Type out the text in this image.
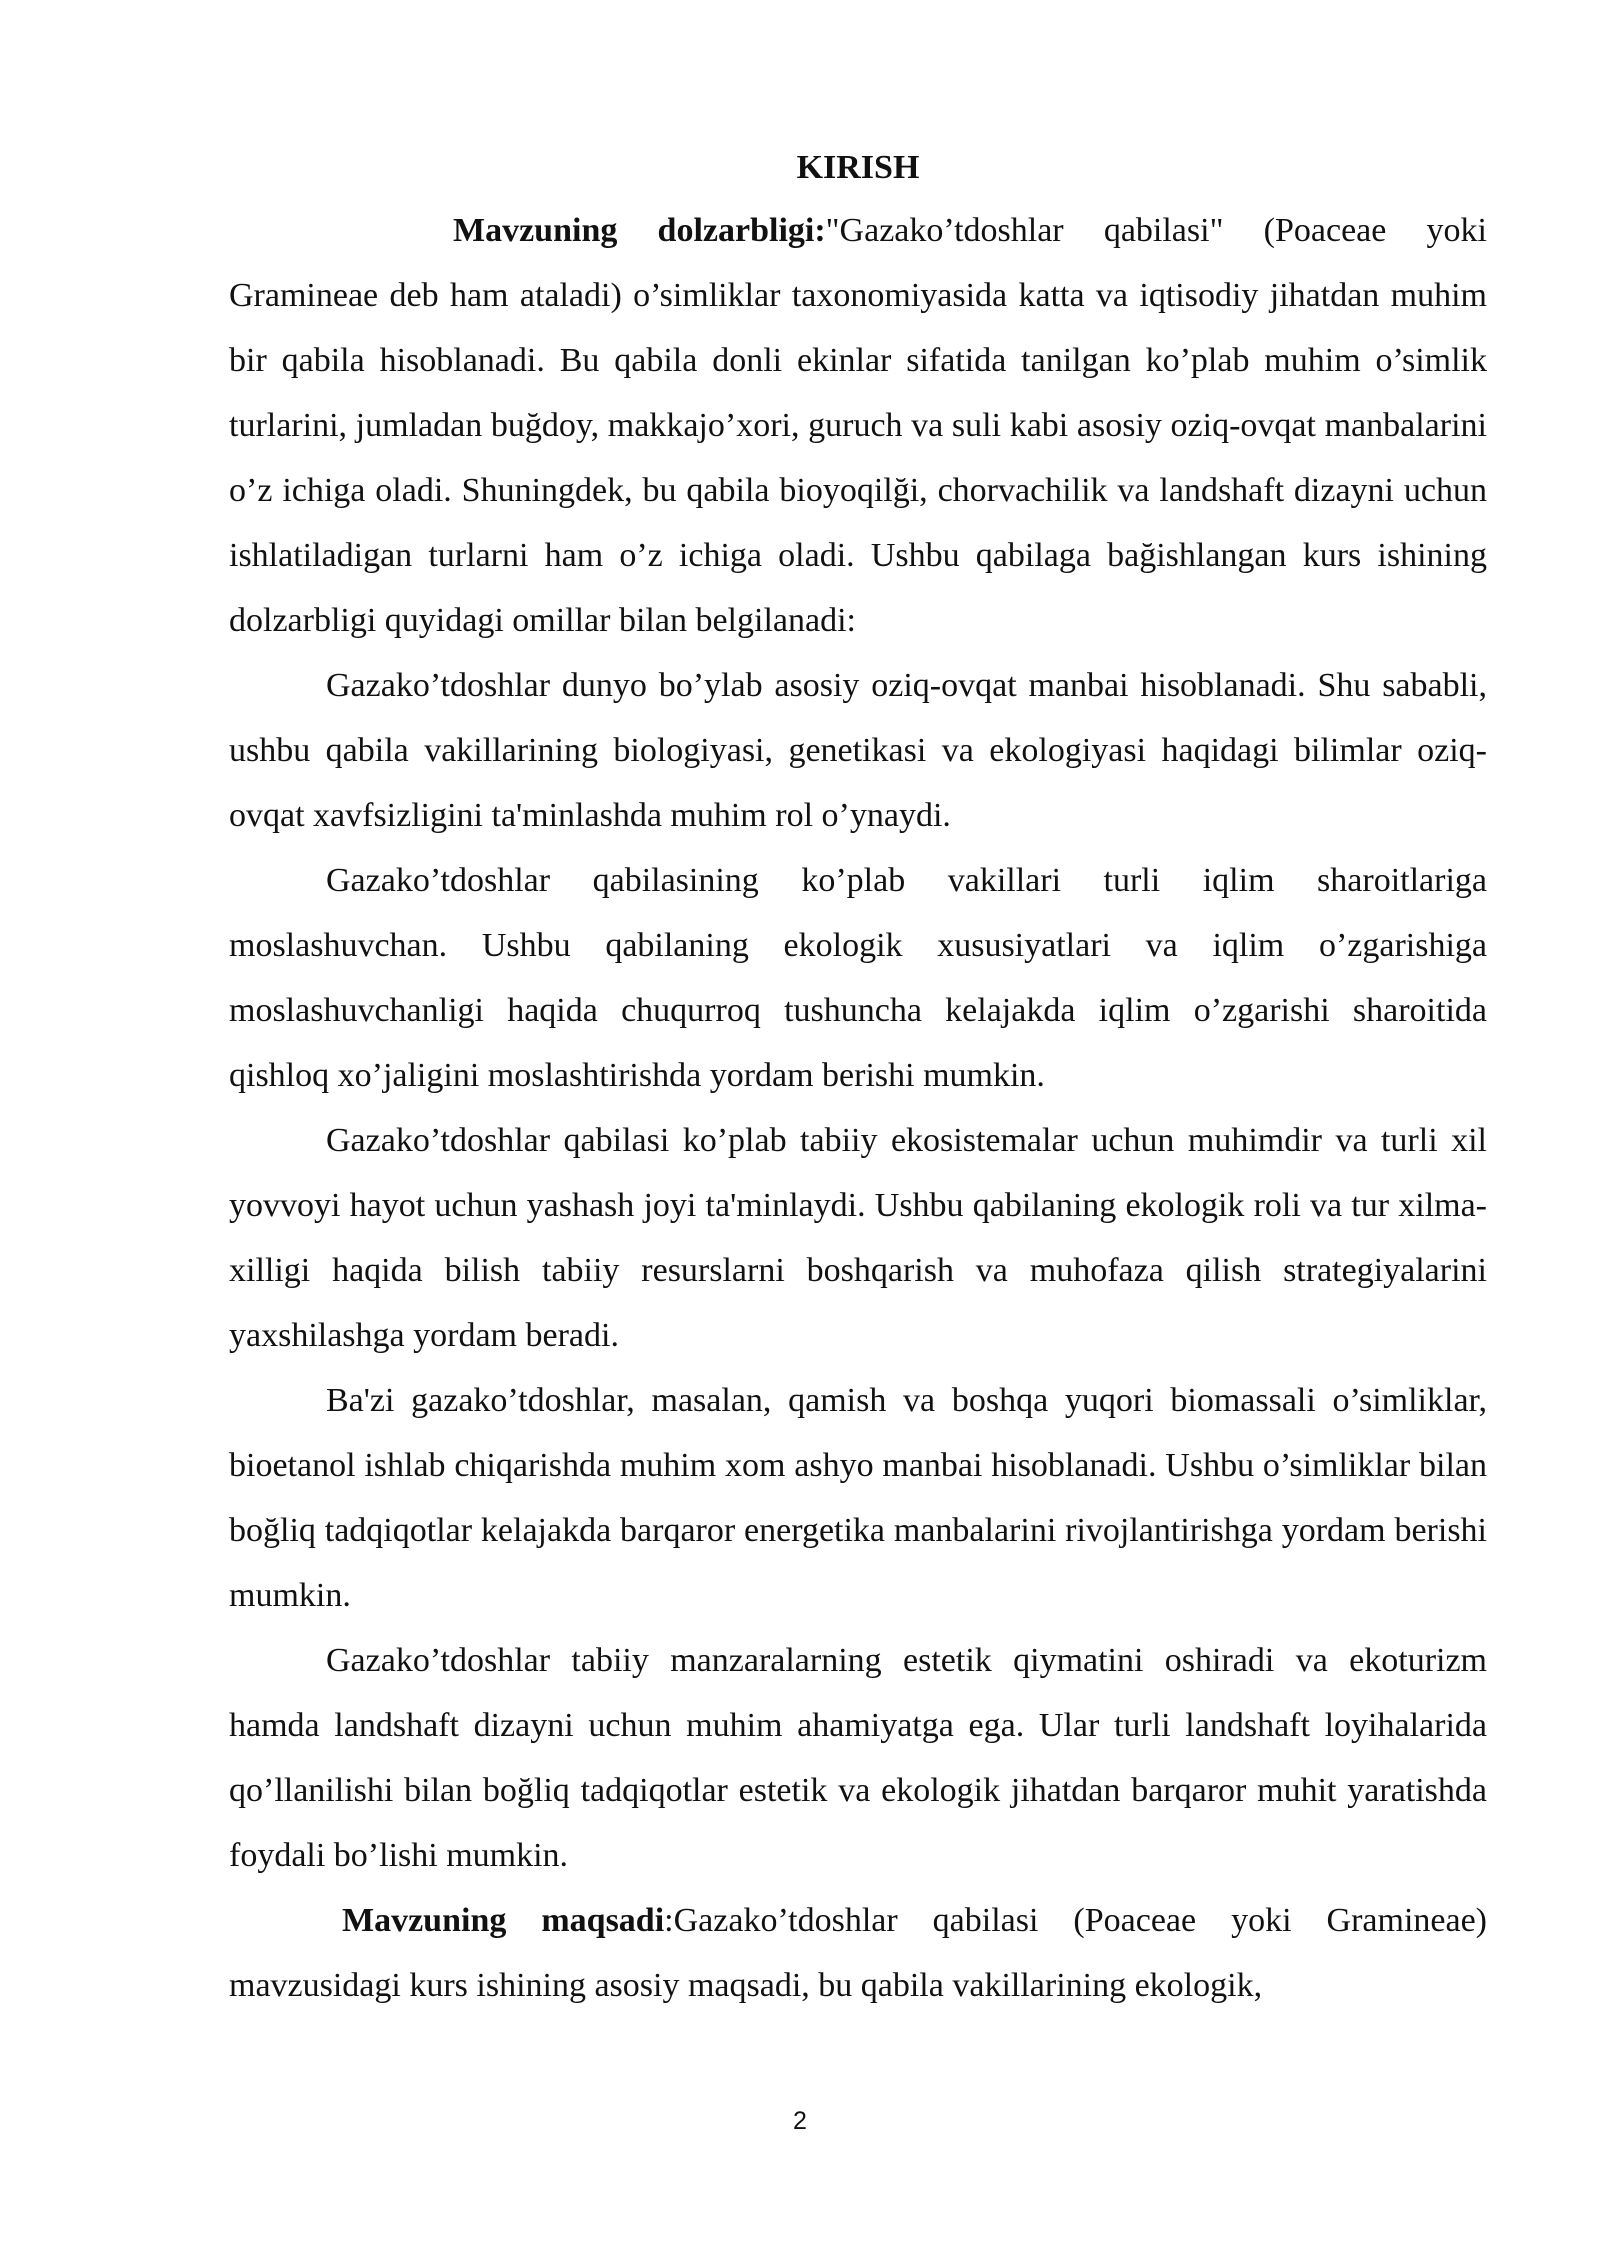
KIRISH

Mavzuning dolzarbligi:"Gazako’tdoshlar qabilasi" (Poaceae yoki Gramineae deb ham ataladi) o’simliklar taxonomiyasida katta va iqtisodiy jihatdan muhim bir qabila hisoblanadi. Bu qabila donli ekinlar sifatida tanilgan ko’plab muhim o’simlik turlarini, jumladan buğdoy, makkajo’xori, guruch va suli kabi asosiy oziq-ovqat manbalarini o’z ichiga oladi. Shuningdek, bu qabila bioyoqilği, chorvachilik va landshaft dizayni uchun ishlatiladigan turlarni ham o’z ichiga oladi. Ushbu qabilaga bağishlangan kurs ishining dolzarbligi quyidagi omillar bilan belgilanadi:

Gazako’tdoshlar dunyo bo’ylab asosiy oziq-ovqat manbai hisoblanadi. Shu sababli, ushbu qabila vakillarining biologiyasi, genetikasi va ekologiyasi haqidagi bilimlar oziq-ovqat xavfsizligini ta'minlashda muhim rol o’ynaydi.

Gazako’tdoshlar qabilasining ko’plab vakillari turli iqlim sharoitlariga moslashuvchan. Ushbu qabilaning ekologik xususiyatlari va iqlim o’zgarishiga moslashuvchanligi haqida chuqurroq tushuncha kelajakda iqlim o’zgarishi sharoitida qishloq xo’jaligini moslashtirishda yordam berishi mumkin.

Gazako’tdoshlar qabilasi ko’plab tabiiy ekosistemalar uchun muhimdir va turli xil yovvoyi hayot uchun yashash joyi ta'minlaydi. Ushbu qabilaning ekologik roli va tur xilma-xilligi haqida bilish tabiiy resurslarni boshqarish va muhofaza qilish strategiyalarini yaxshilashga yordam beradi.

Ba'zi gazako’tdoshlar, masalan, qamish va boshqa yuqori biomassali o’simliklar, bioetanol ishlab chiqarishda muhim xom ashyo manbai hisoblanadi. Ushbu o’simliklar bilan boğliq tadqiqotlar kelajakda barqaror energetika manbalarini rivojlantirishga yordam berishi mumkin.

Gazako’tdoshlar tabiiy manzaralarning estetik qiymatini oshiradi va ekoturizm hamda landshaft dizayni uchun muhim ahamiyatga ega. Ular turli landshaft loyihalarida qo’llanilishi bilan boğliq tadqiqotlar estetik va ekologik jihatdan barqaror muhit yaratishda foydali bo’lishi mumkin.

Mavzuning maqsadi:Gazako’tdoshlar qabilasi (Poaceae yoki Gramineae) mavzusidagi kurs ishining asosiy maqsadi, bu qabila vakillarining ekologik,

2
